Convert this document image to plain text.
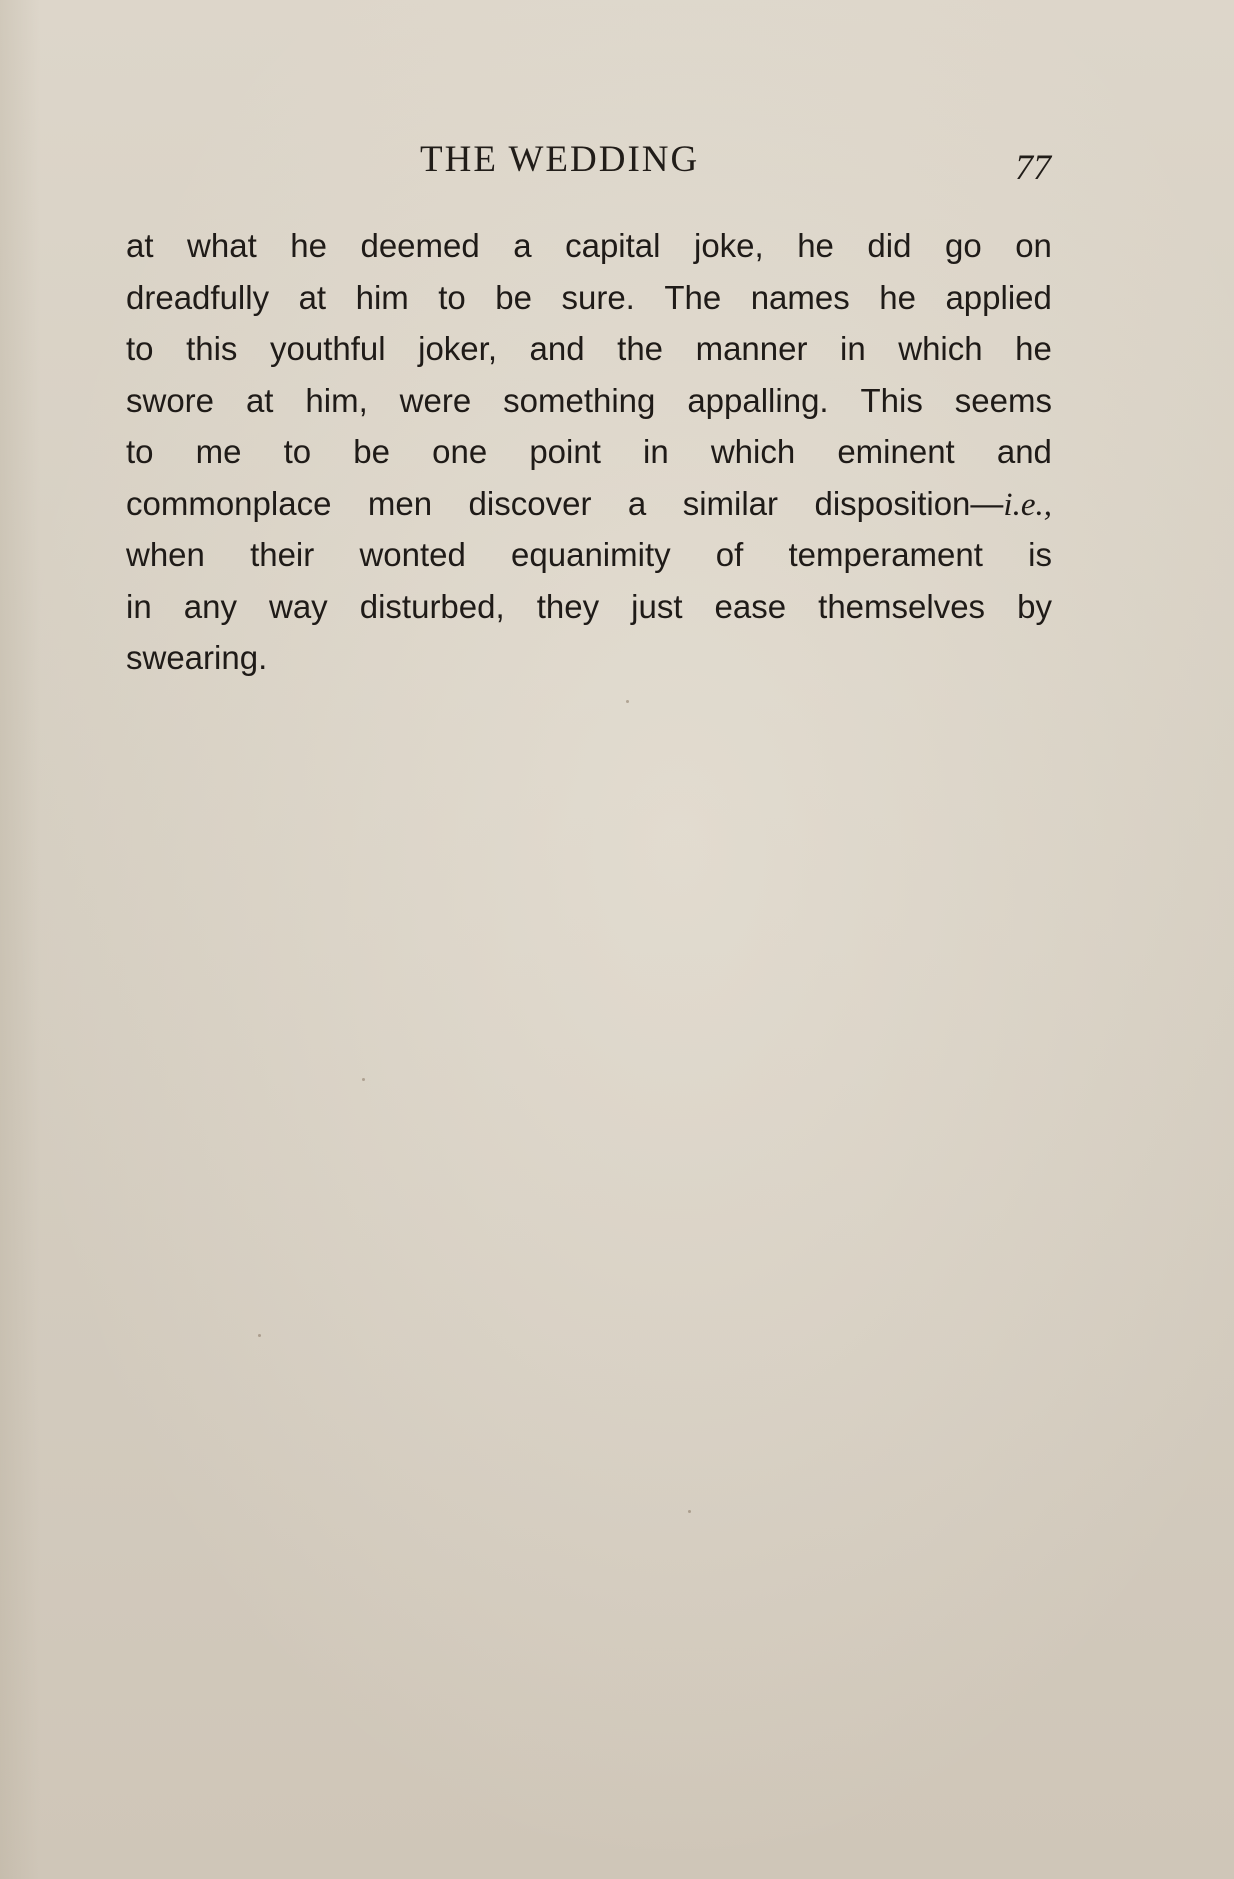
THE WEDDING	77
at what he deemed a capital joke, he did go on
dreadfully at him to be sure. The names he applied
to this youthful joker, and the manner in which he
swore at him, were something appalling. This seems
to me to be one point in which eminent and
commonplace men discover a similar disposition—i.e.,
when their wonted equanimity of temperament is
in any way disturbed, they just ease themselves by
swearing.
